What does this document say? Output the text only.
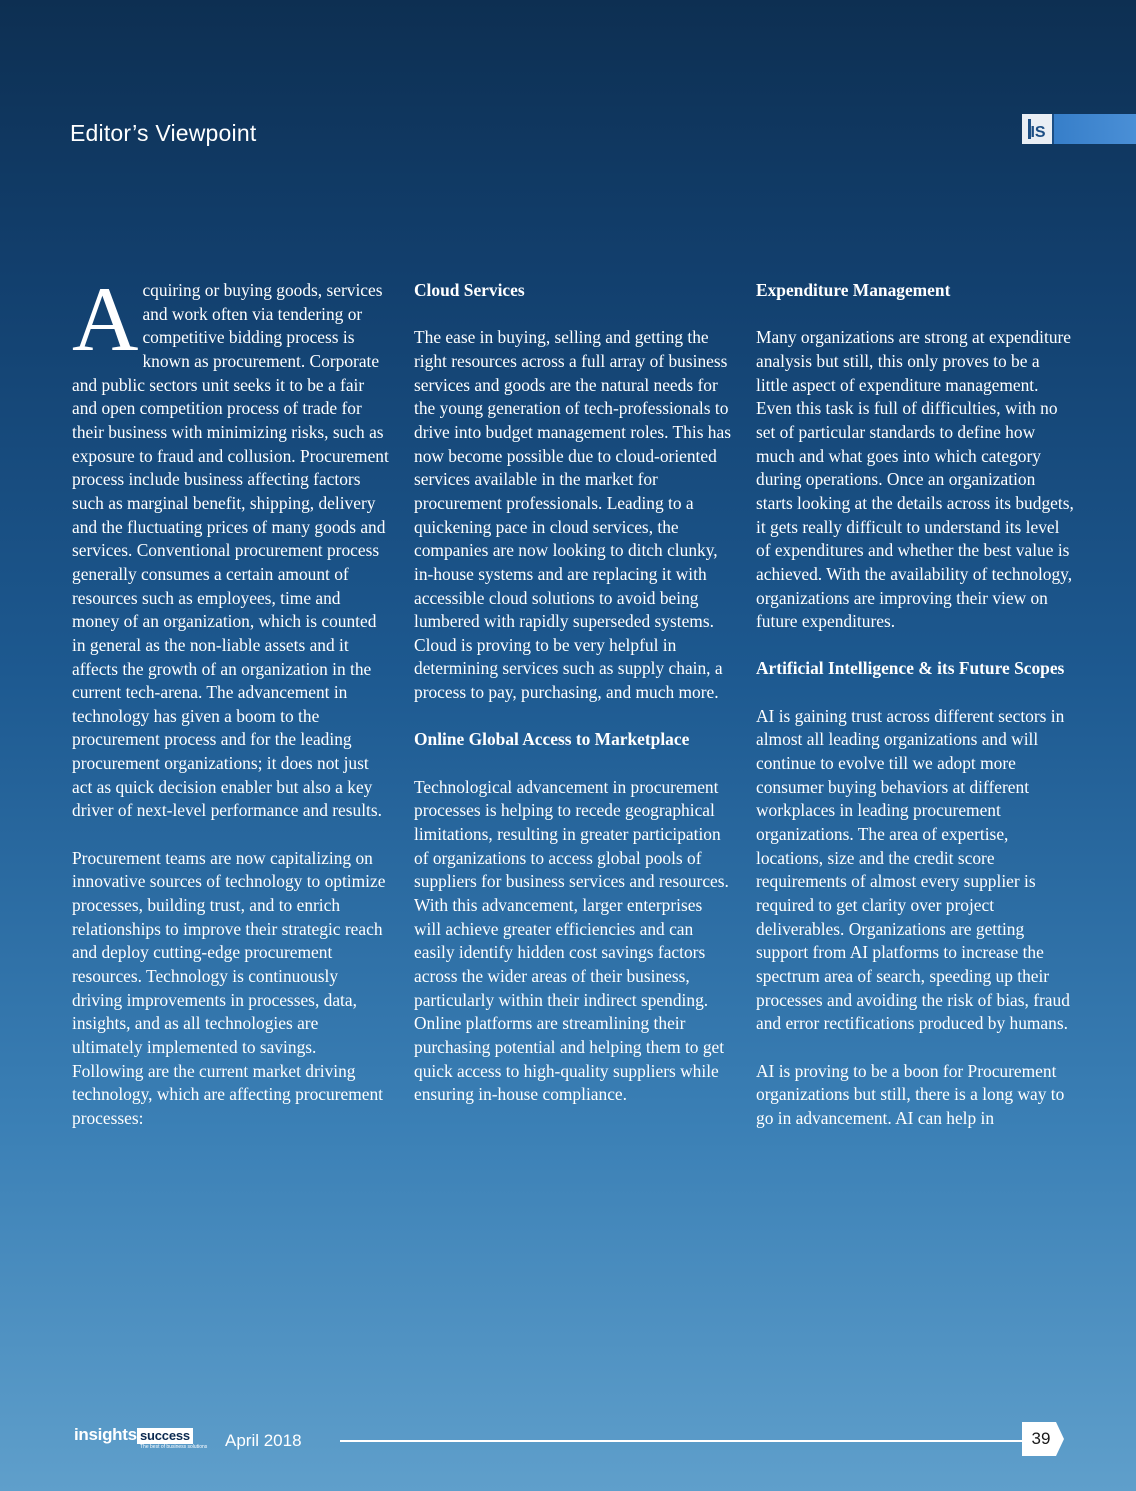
Editor’s Viewpoint	IS

Acquiring or buying goods, services and work often via tendering or competitive bidding process is known as procurement. Corporate and public sectors unit seeks it to be a fair and open competition process of trade for their business with minimizing risks, such as exposure to fraud and collusion. Procurement process include business affecting factors such as marginal benefit, shipping, delivery and the fluctuating prices of many goods and services. Conventional procurement process generally consumes a certain amount of resources such as employees, time and money of an organization, which is counted in general as the non-liable assets and it affects the growth of an organization in the current tech-arena. The advancement in technology has given a boom to the procurement process and for the leading procurement organizations; it does not just act as quick decision enabler but also a key driver of next-level performance and results.

Procurement teams are now capitalizing on innovative sources of technology to optimize processes, building trust, and to enrich relationships to improve their strategic reach and deploy cutting-edge procurement resources. Technology is continuously driving improvements in processes, data, insights, and as all technologies are ultimately implemented to savings. Following are the current market driving technology, which are affecting procurement processes:

Cloud Services

The ease in buying, selling and getting the right resources across a full array of business services and goods are the natural needs for the young generation of tech-professionals to drive into budget management roles. This has now become possible due to cloud-oriented services available in the market for procurement professionals. Leading to a quickening pace in cloud services, the companies are now looking to ditch clunky, in-house systems and are replacing it with accessible cloud solutions to avoid being lumbered with rapidly superseded systems. Cloud is proving to be very helpful in determining services such as supply chain, a process to pay, purchasing, and much more.

Online Global Access to Marketplace

Technological advancement in procurement processes is helping to recede geographical limitations, resulting in greater participation of organizations to access global pools of suppliers for business services and resources. With this advancement, larger enterprises will achieve greater efficiencies and can easily identify hidden cost savings factors across the wider areas of their business, particularly within their indirect spending. Online platforms are streamlining their purchasing potential and helping them to get quick access to high-quality suppliers while ensuring in-house compliance.

Expenditure Management

Many organizations are strong at expenditure analysis but still, this only proves to be a little aspect of expenditure management. Even this task is full of difficulties, with no set of particular standards to define how much and what goes into which category during operations. Once an organization starts looking at the details across its budgets, it gets really difficult to understand its level of expenditures and whether the best value is achieved. With the availability of technology, organizations are improving their view on future expenditures.

Artificial Intelligence & its Future Scopes

AI is gaining trust across different sectors in almost all leading organizations and will continue to evolve till we adopt more consumer buying behaviors at different workplaces in leading procurement organizations. The area of expertise, locations, size and the credit score requirements of almost every supplier is required to get clarity over project deliverables. Organizations are getting support from AI platforms to increase the spectrum area of search, speeding up their processes and avoiding the risk of bias, fraud and error rectifications produced by humans.

AI is proving to be a boon for Procurement organizations but still, there is a long way to go in advancement. AI can help in

insights success
The best of business solutions April 2018	39
